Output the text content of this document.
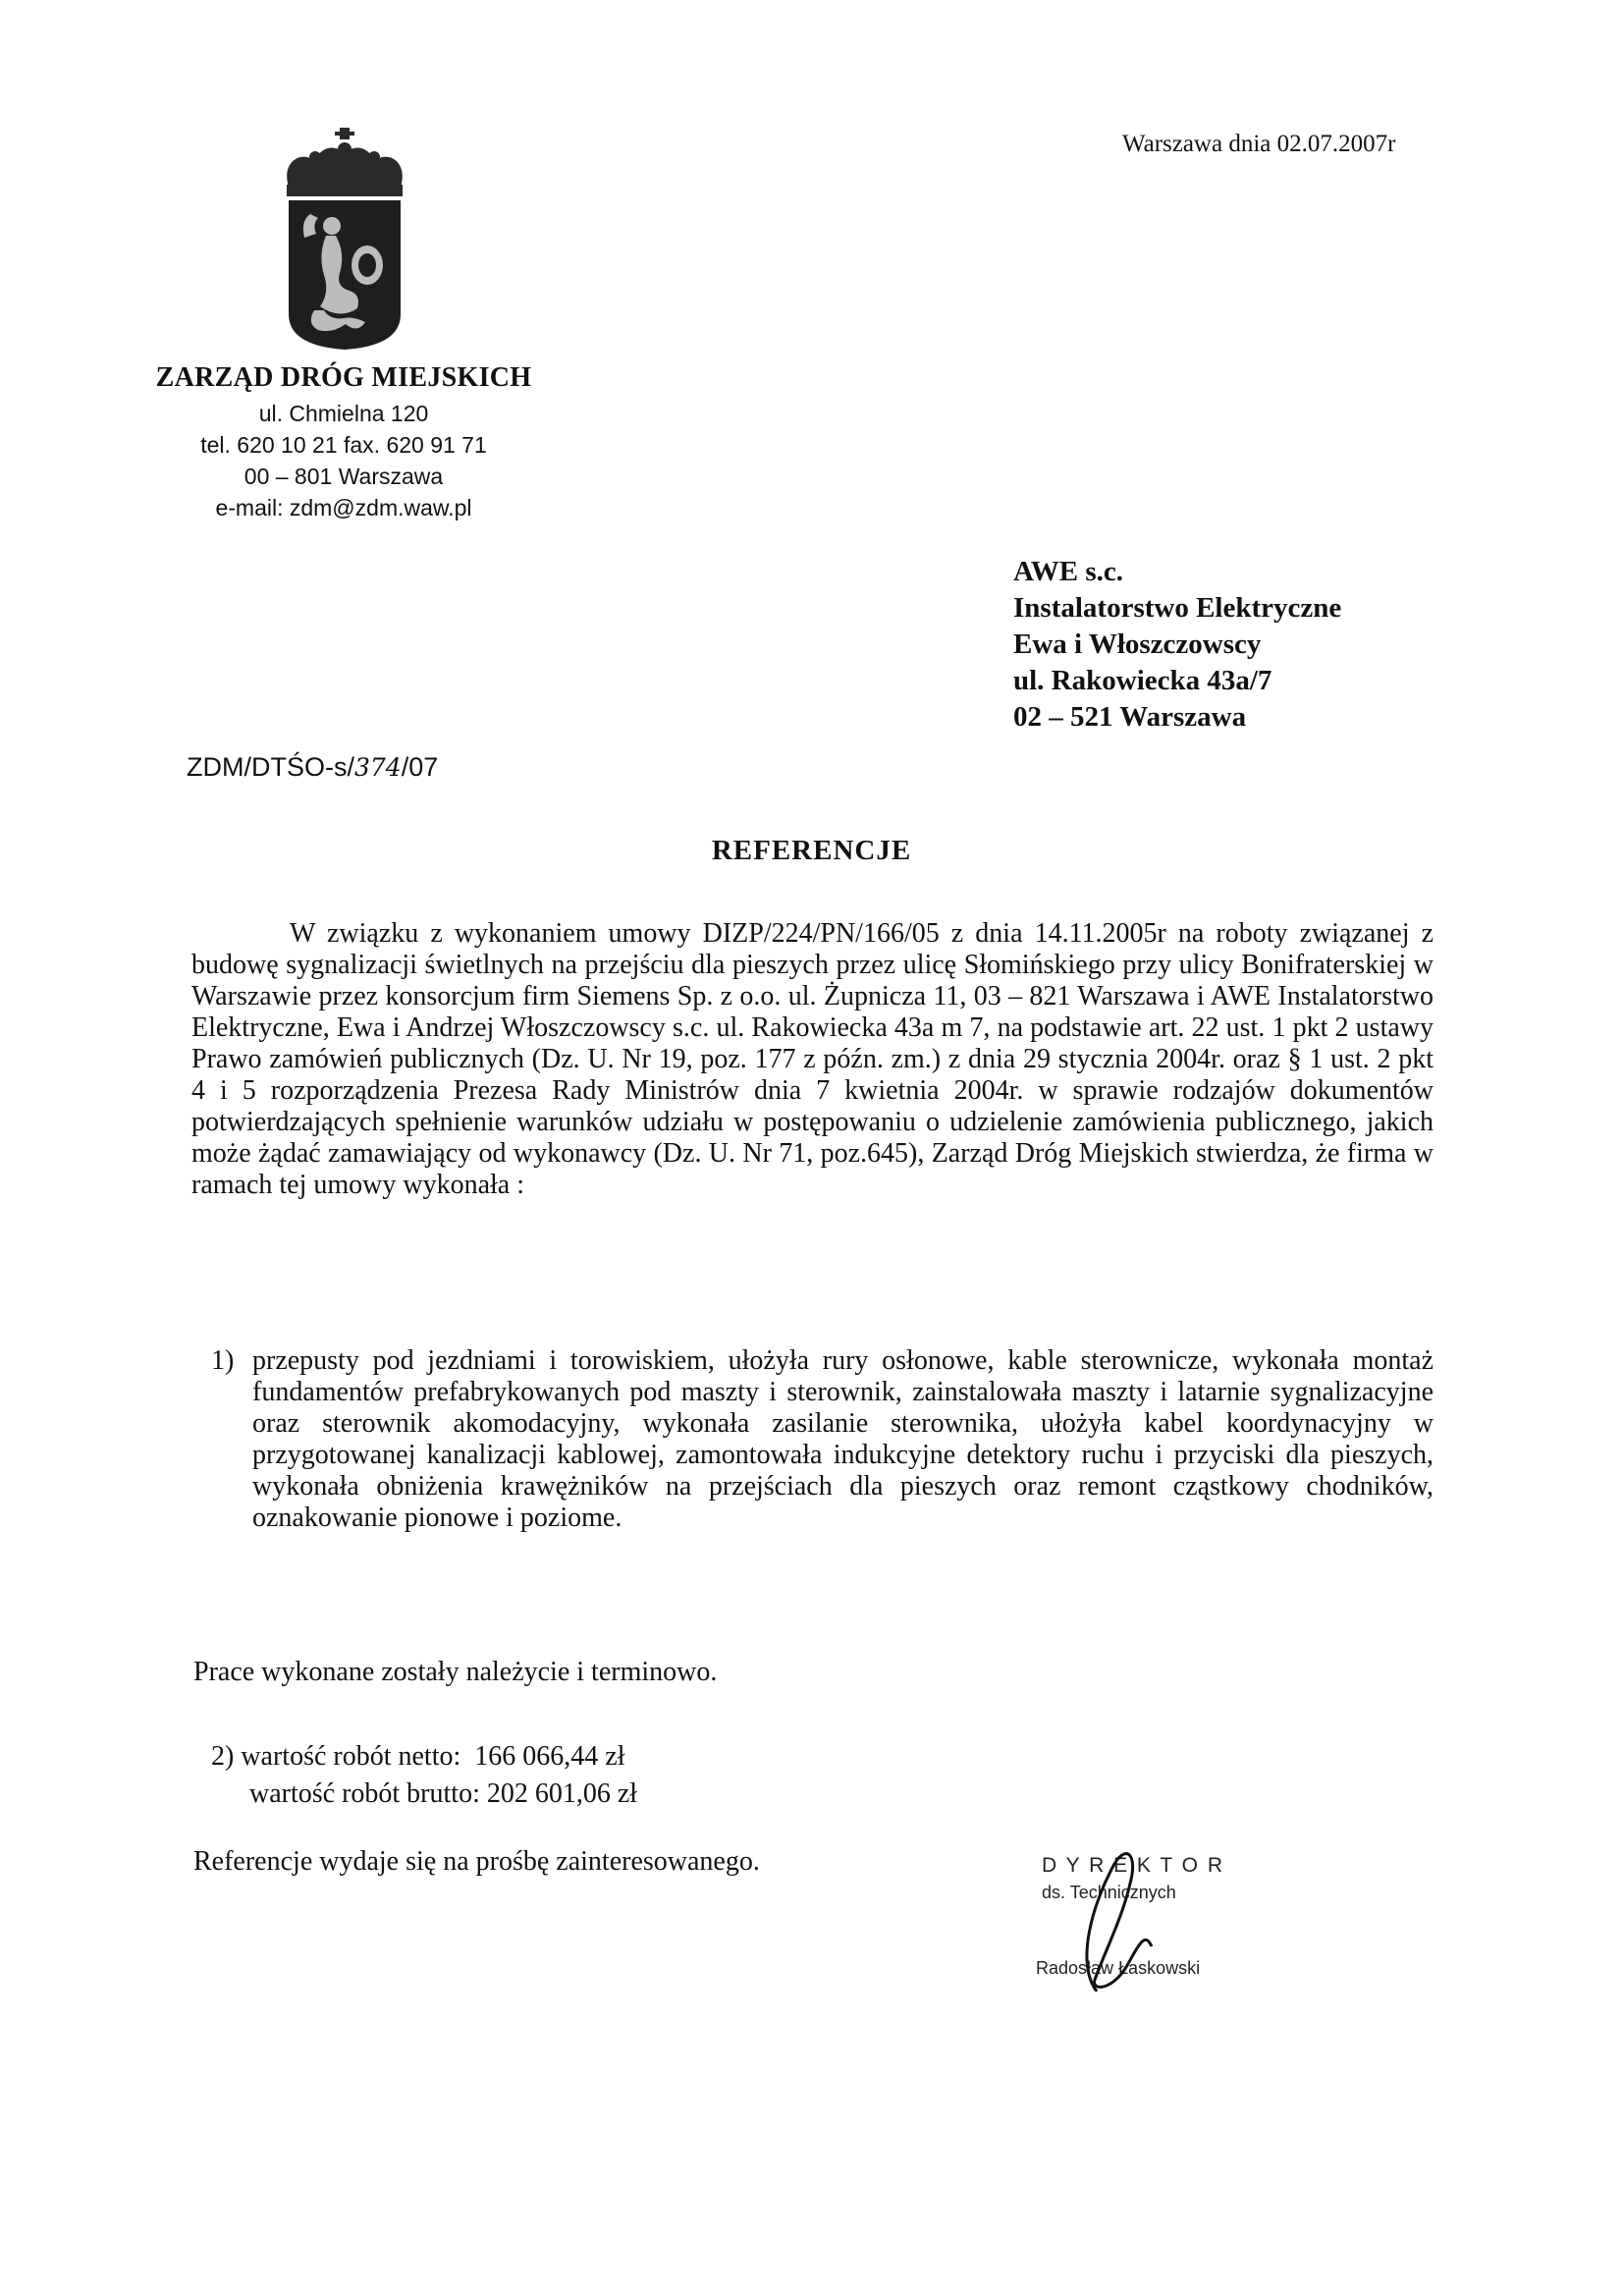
Warszawa dnia 02.07.2007r
ZARZĄD DRÓG MIEJSKICH
ul. Chmielna 120
tel. 620 10 21 fax. 620 91 71
00 – 801 Warszawa
e-mail: zdm@zdm.waw.pl
AWE s.c.
Instalatorstwo Elektryczne
Ewa i Włoszczowscy
ul. Rakowiecka 43a/7
02 – 521 Warszawa
ZDM/DTŚO-s/374/07
REFERENCJE

W związku z wykonaniem umowy DIZP/224/PN/166/05 z dnia 14.11.2005r na roboty związanej z budowę sygnalizacji świetlnych na przejściu dla pieszych przez ulicę Słomińskiego przy ulicy Bonifraterskiej w Warszawie przez konsorcjum firm Siemens Sp. z o.o. ul. Żupnicza 11, 03 – 821 Warszawa i AWE Instalatorstwo Elektryczne, Ewa i Andrzej Włoszczowscy s.c. ul. Rakowiecka 43a m 7, na podstawie art. 22 ust. 1 pkt 2 ustawy Prawo zamówień publicznych (Dz. U. Nr 19, poz. 177 z późn. zm.) z dnia 29 stycznia 2004r. oraz § 1 ust. 2 pkt 4 i 5 rozporządzenia Prezesa Rady Ministrów dnia 7 kwietnia 2004r. w sprawie rodzajów dokumentów potwierdzających spełnienie warunków udziału w postępowaniu o udzielenie zamówienia publicznego, jakich może żądać zamawiający od wykonawcy (Dz. U. Nr 71, poz.645), Zarząd Dróg Miejskich stwierdza, że firma w ramach tej umowy wykonała :

1) przepusty pod jezdniami i torowiskiem, ułożyła rury osłonowe, kable sterownicze, wykonała montaż fundamentów prefabrykowanych pod maszty i sterownik, zainstalowała maszty i latarnie sygnalizacyjne oraz sterownik akomodacyjny, wykonała zasilanie sterownika, ułożyła kabel koordynacyjny w przygotowanej kanalizacji kablowej, zamontowała indukcyjne detektory ruchu i przyciski dla pieszych, wykonała obniżenia krawężników na przejściach dla pieszych oraz remont cząstkowy chodników, oznakowanie pionowe i poziome.

Prace wykonane zostały należycie i terminowo.
2) wartość robót netto: 166 066,44 zł
wartość robót brutto: 202 601,06 zł
Referencje wydaje się na prośbę zainteresowanego.	D Y R E K T O R
ds. Technicznych
Radosław Łaskowski
